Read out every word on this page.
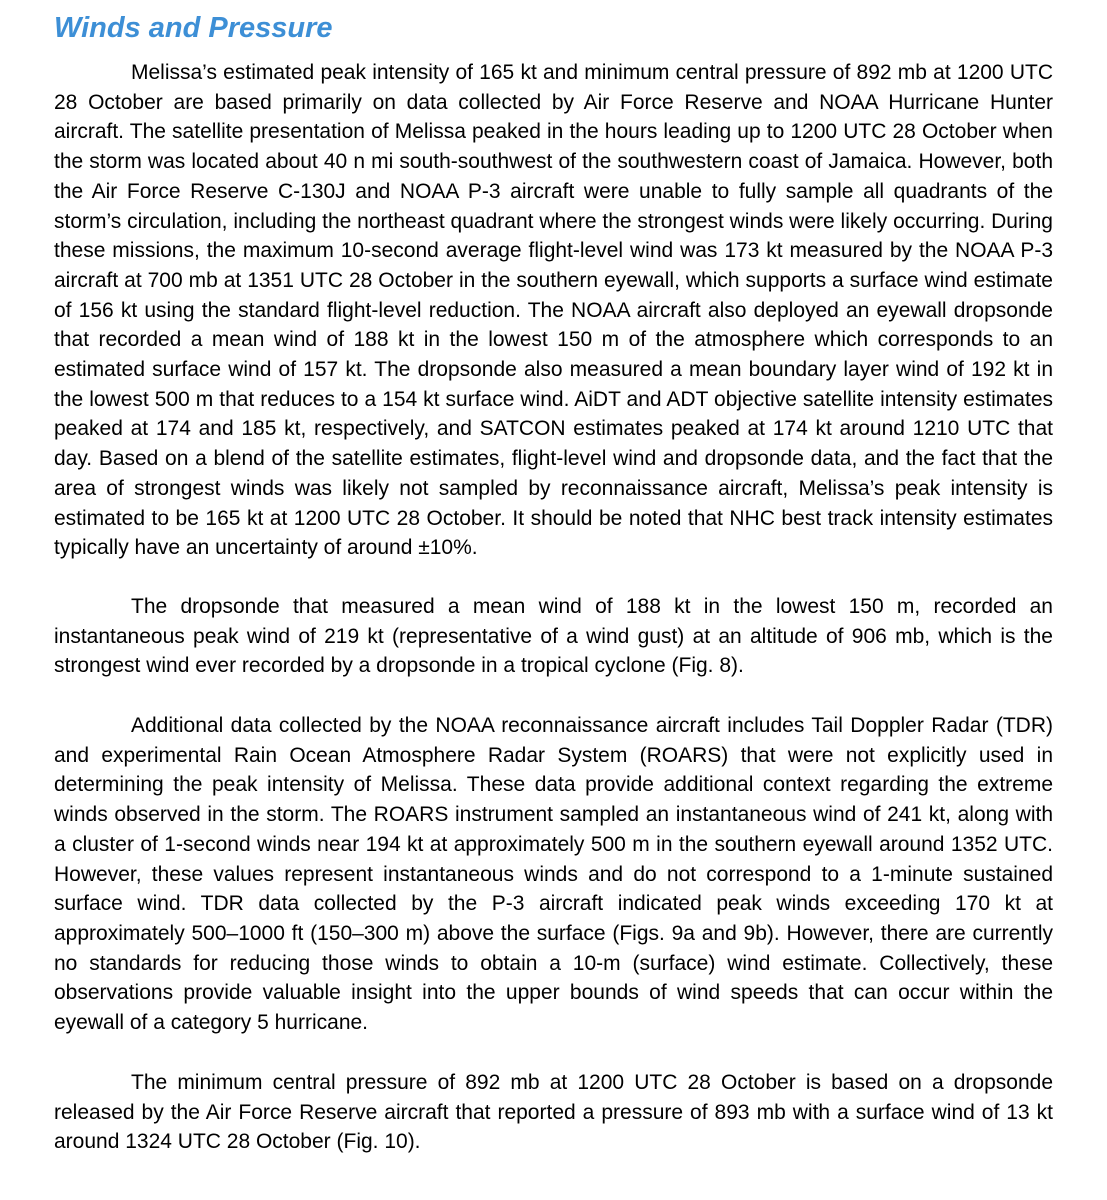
Winds and Pressure

Melissa’s estimated peak intensity of 165 kt and minimum central pressure of 892 mb at 1200 UTC 28 October are based primarily on data collected by Air Force Reserve and NOAA Hurricane Hunter aircraft. The satellite presentation of Melissa peaked in the hours leading up to 1200 UTC 28 October when the storm was located about 40 n mi south-southwest of the southwestern coast of Jamaica. However, both the Air Force Reserve C-130J and NOAA P-3 aircraft were unable to fully sample all quadrants of the storm’s circulation, including the northeast quadrant where the strongest winds were likely occurring. During these missions, the maximum 10-second average flight-level wind was 173 kt measured by the NOAA P-3 aircraft at 700 mb at 1351 UTC 28 October in the southern eyewall, which supports a surface wind estimate of 156 kt using the standard flight-level reduction. The NOAA aircraft also deployed an eyewall dropsonde that recorded a mean wind of 188 kt in the lowest 150 m of the atmosphere which corresponds to an estimated surface wind of 157 kt. The dropsonde also measured a mean boundary layer wind of 192 kt in the lowest 500 m that reduces to a 154 kt surface wind. AiDT and ADT objective satellite intensity estimates peaked at 174 and 185 kt, respectively, and SATCON estimates peaked at 174 kt around 1210 UTC that day. Based on a blend of the satellite estimates, flight-level wind and dropsonde data, and the fact that the area of strongest winds was likely not sampled by reconnaissance aircraft, Melissa’s peak intensity is estimated to be 165 kt at 1200 UTC 28 October. It should be noted that NHC best track intensity estimates typically have an uncertainty of around ±10%.

The dropsonde that measured a mean wind of 188 kt in the lowest 150 m, recorded an instantaneous peak wind of 219 kt (representative of a wind gust) at an altitude of 906 mb, which is the strongest wind ever recorded by a dropsonde in a tropical cyclone (Fig. 8).

Additional data collected by the NOAA reconnaissance aircraft includes Tail Doppler Radar (TDR) and experimental Rain Ocean Atmosphere Radar System (ROARS) that were not explicitly used in determining the peak intensity of Melissa. These data provide additional context regarding the extreme winds observed in the storm. The ROARS instrument sampled an instantaneous wind of 241 kt, along with a cluster of 1-second winds near 194 kt at approximately 500 m in the southern eyewall around 1352 UTC. However, these values represent instantaneous winds and do not correspond to a 1-minute sustained surface wind. TDR data collected by the P-3 aircraft indicated peak winds exceeding 170 kt at approximately 500–1000 ft (150–300 m) above the surface (Figs. 9a and 9b). However, there are currently no standards for reducing those winds to obtain a 10-m (surface) wind estimate. Collectively, these observations provide valuable insight into the upper bounds of wind speeds that can occur within the eyewall of a category 5 hurricane.

The minimum central pressure of 892 mb at 1200 UTC 28 October is based on a dropsonde released by the Air Force Reserve aircraft that reported a pressure of 893 mb with a surface wind of 13 kt around 1324 UTC 28 October (Fig. 10).
